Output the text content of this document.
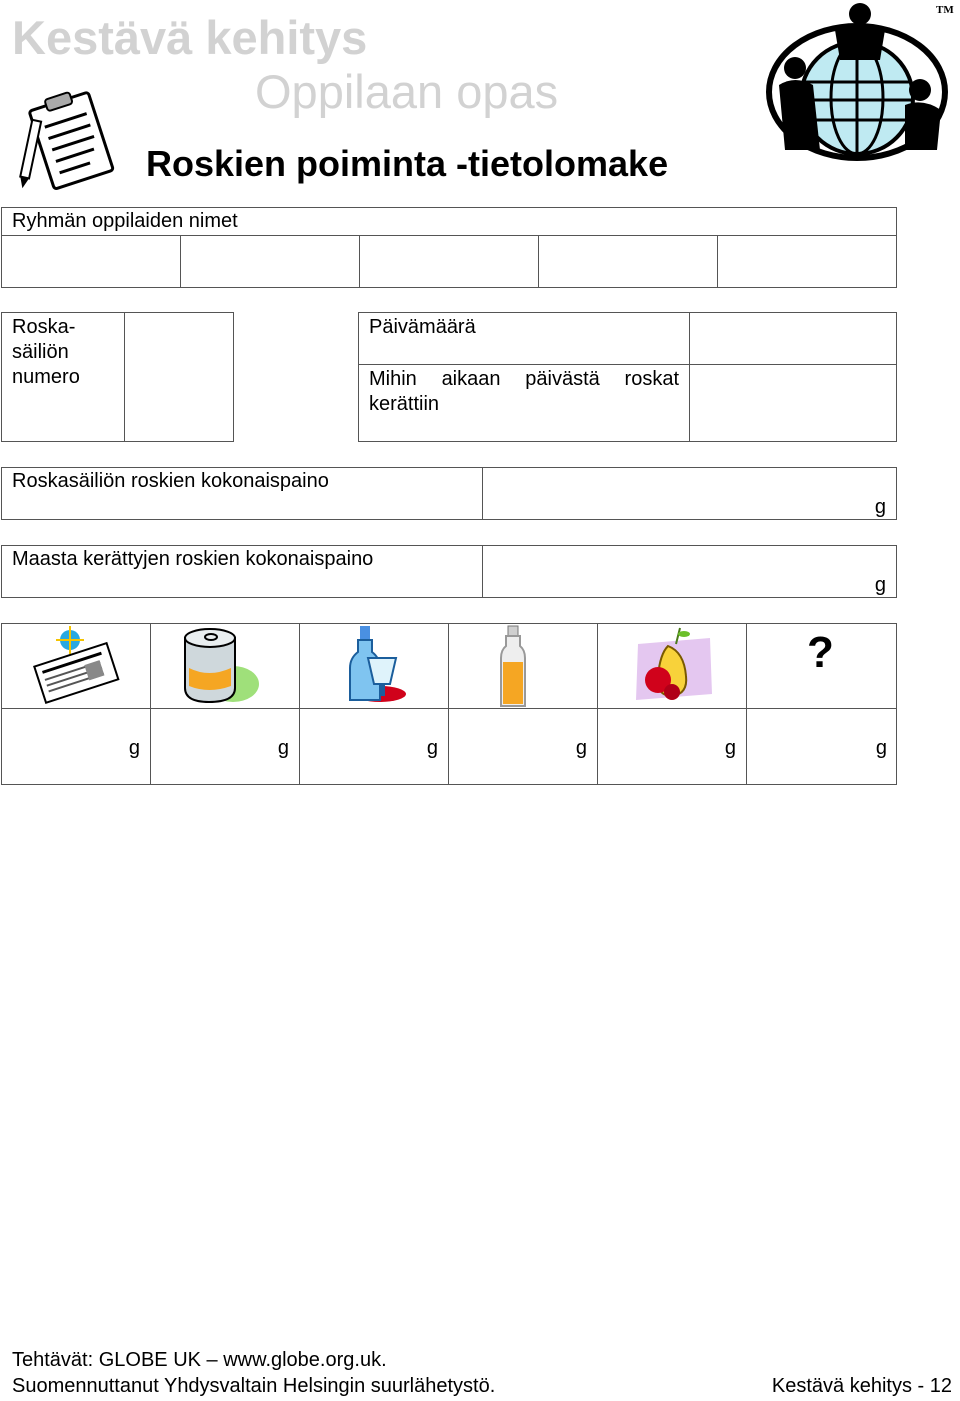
Kestävä kehitys
Oppilaan opas
Roskien poiminta -tietolomake
TM
Ryhmän oppilaiden nimet
Roska-säiliön numero
Päivämäärä
Mihin aikaan päivästä roskat kerättiin
Roskasäiliön roskien kokonaispaino
g
Maasta kerättyjen roskien kokonaispaino
g
?
g	g	g	g	g	g
Tehtävät: GLOBE UK – www.globe.org.uk.
Suomennuttanut Yhdysvaltain Helsingin suurlähetystö.	Kestävä kehitys - 12
